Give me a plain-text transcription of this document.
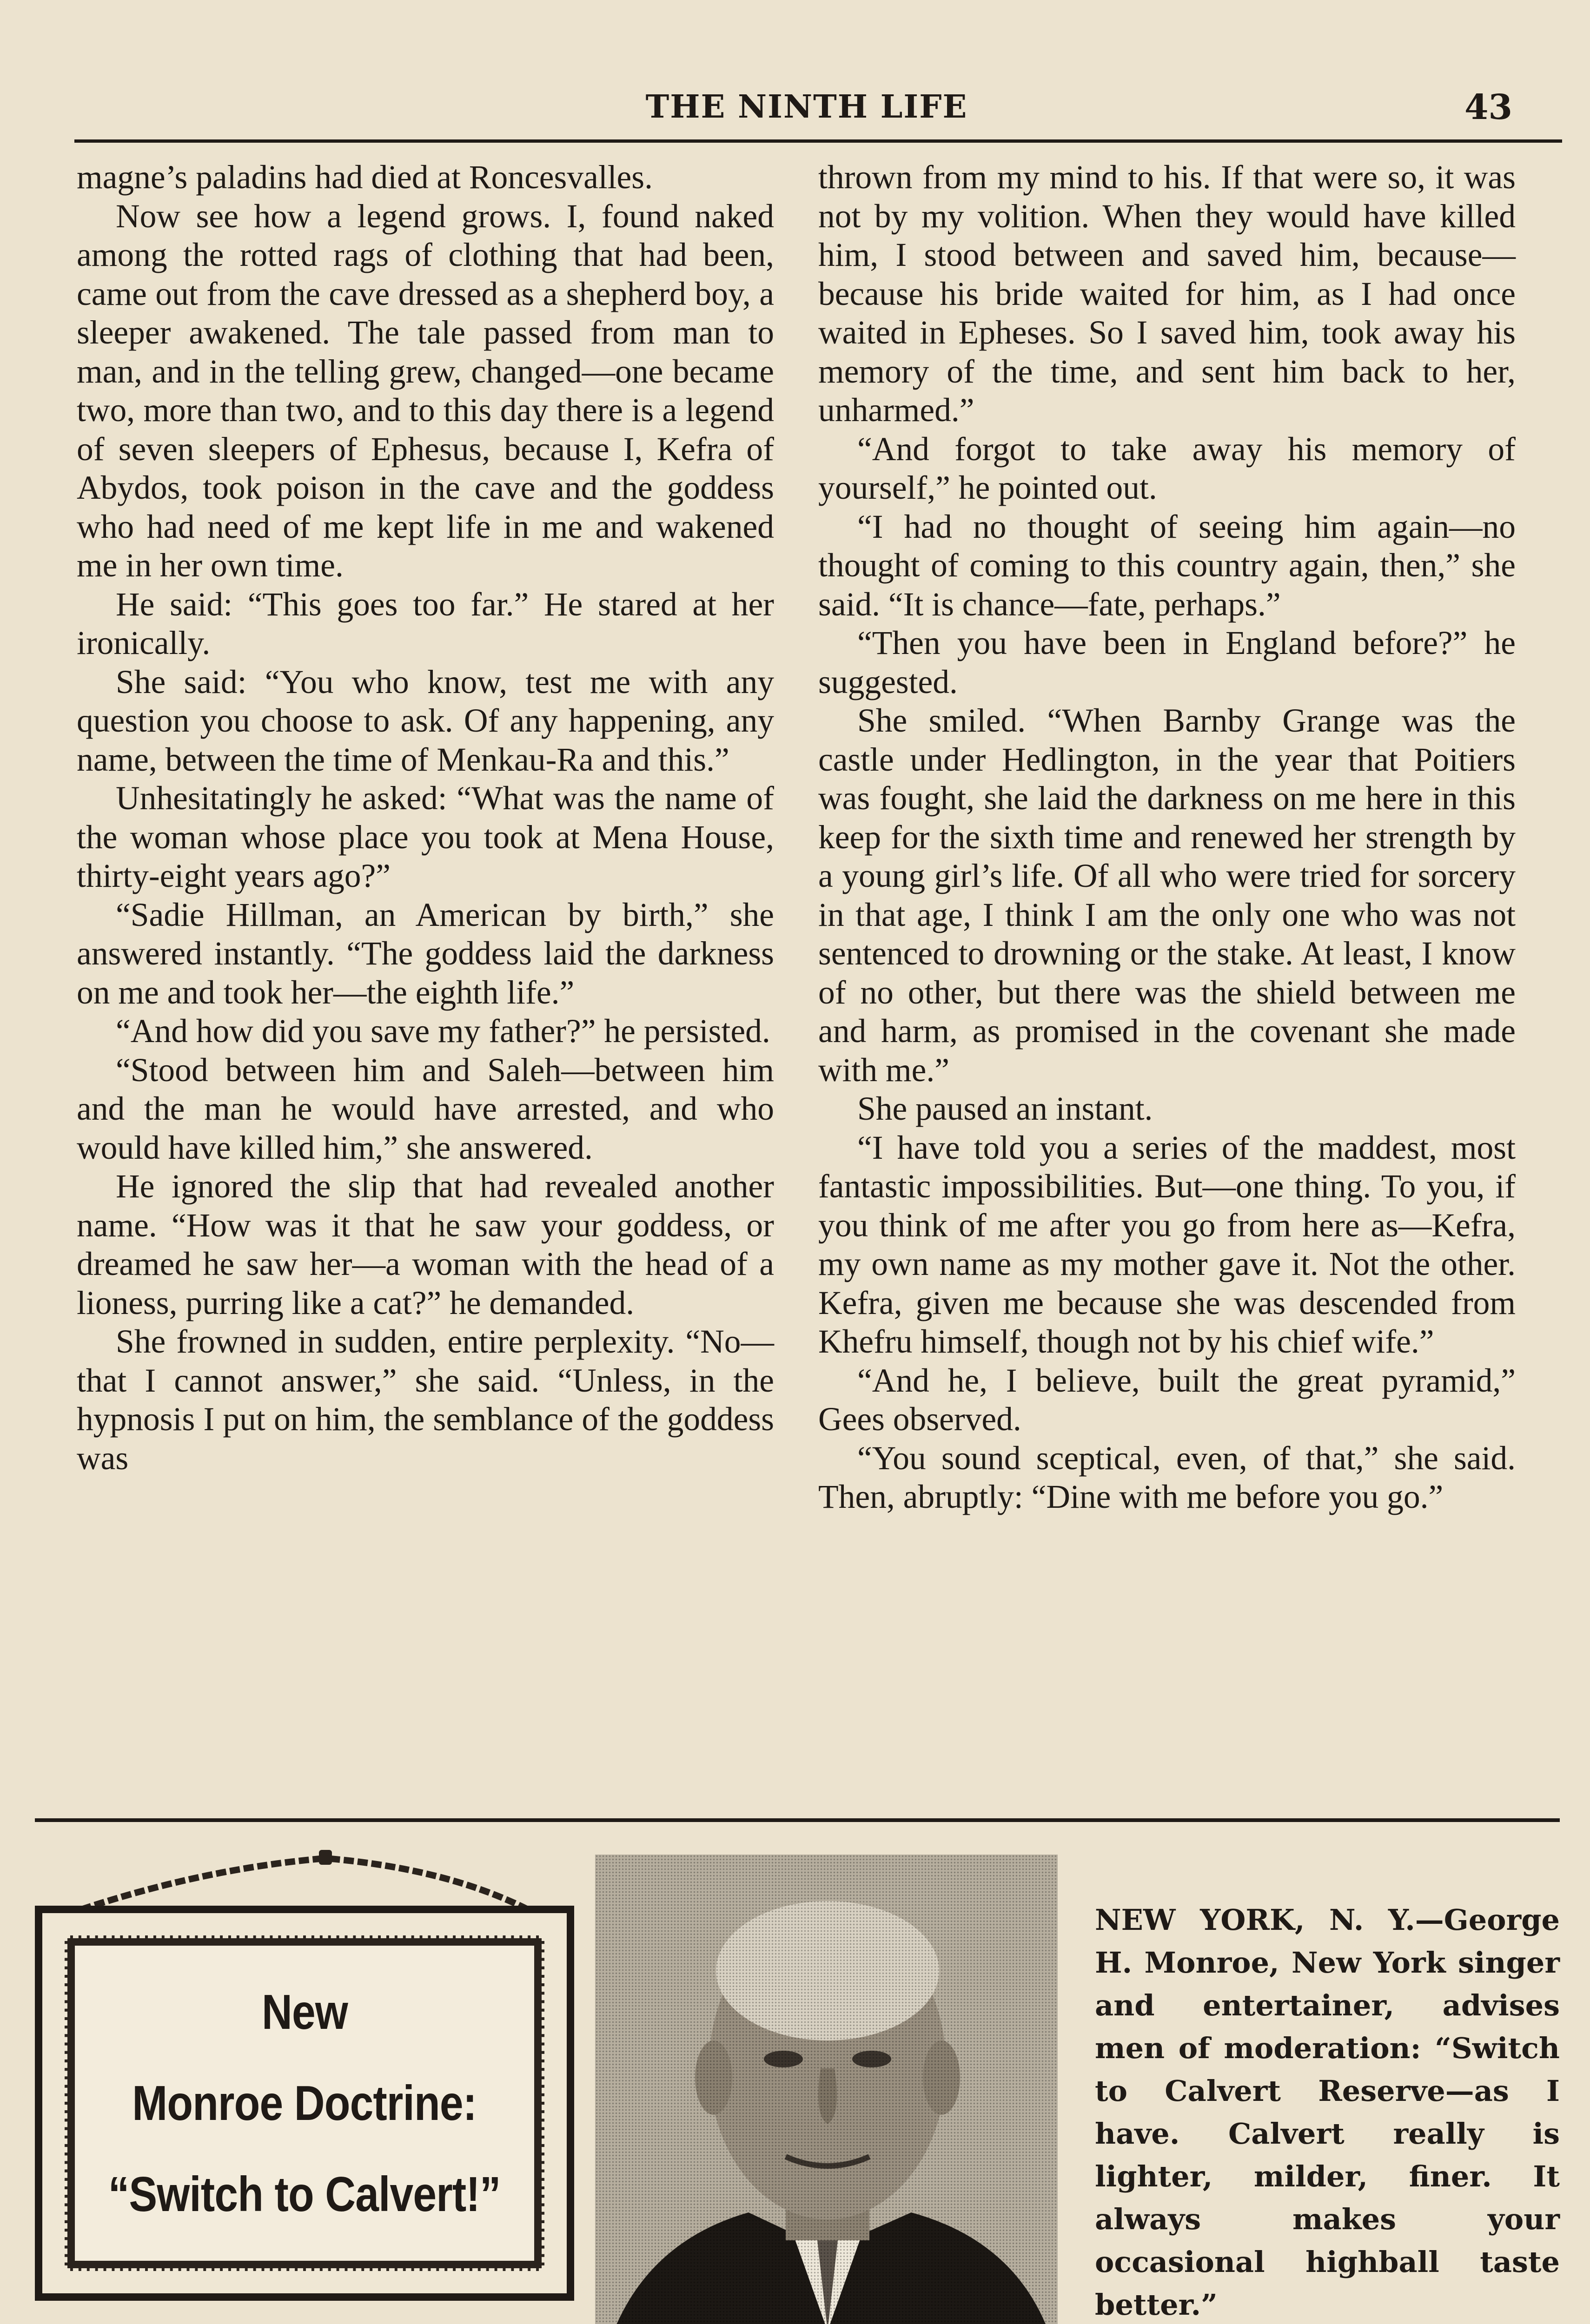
THE NINTH LIFE	43

magne’s paladins had died at Roncesvalles.

Now see how a legend grows. I, found naked among the rotted rags of clothing that had been, came out from the cave dressed as a shepherd boy, a sleeper awakened. The tale passed from man to man, and in the telling grew, changed—one became two, more than two, and to this day there is a legend of seven sleepers of Ephesus, because I, Kefra of Abydos, took poison in the cave and the goddess who had need of me kept life in me and wakened me in her own time.

He said: “This goes too far.” He stared at her ironically.

She said: “You who know, test me with any question you choose to ask. Of any happening, any name, between the time of Menkau-Ra and this.”

Unhesitatingly he asked: “What was the name of the woman whose place you took at Mena House, thirty-eight years ago?”

“Sadie Hillman, an American by birth,” she answered instantly. “The goddess laid the darkness on me and took her—the eighth life.”

“And how did you save my father?” he persisted.

“Stood between him and Saleh—between him and the man he would have arrested, and who would have killed him,” she answered.

He ignored the slip that had revealed another name. “How was it that he saw your goddess, or dreamed he saw her—a woman with the head of a lioness, purring like a cat?” he demanded.

She frowned in sudden, entire perplexity. “No—that I cannot answer,” she said. “Unless, in the hypnosis I put on him, the semblance of the goddess was

thrown from my mind to his. If that were so, it was not by my volition. When they would have killed him, I stood between and saved him, because—because his bride waited for him, as I had once waited in Epheses. So I saved him, took away his memory of the time, and sent him back to her, unharmed.”

“And forgot to take away his memory of yourself,” he pointed out.

“I had no thought of seeing him again—no thought of coming to this country again, then,” she said. “It is chance—fate, perhaps.”

“Then you have been in England before?” he suggested.

She smiled. “When Barnby Grange was the castle under Hedlington, in the year that Poitiers was fought, she laid the darkness on me here in this keep for the sixth time and renewed her strength by a young girl’s life. Of all who were tried for sorcery in that age, I think I am the only one who was not sentenced to drowning or the stake. At least, I know of no other, but there was the shield between me and harm, as promised in the covenant she made with me.”

She paused an instant.

“I have told you a series of the maddest, most fantastic impossibilities. But—one thing. To you, if you think of me after you go from here as—Kefra, my own name as my mother gave it. Not the other. Kefra, given me because she was descended from Khefru himself, though not by his chief wife.”

“And he, I believe, built the great pyramid,” Gees observed.

“You sound sceptical, even, of that,” she said. Then, abruptly: “Dine with me before you go.”

New
Monroe Doctrine:
“Switch to Calvert!”
NEW YORK, N. Y.—George H. Monroe, New York singer and entertainer, advises men of moderation: “Switch to Calvert Reserve—as I have. Calvert really is lighter, milder, finer. It always makes your occasional highball taste better.”
